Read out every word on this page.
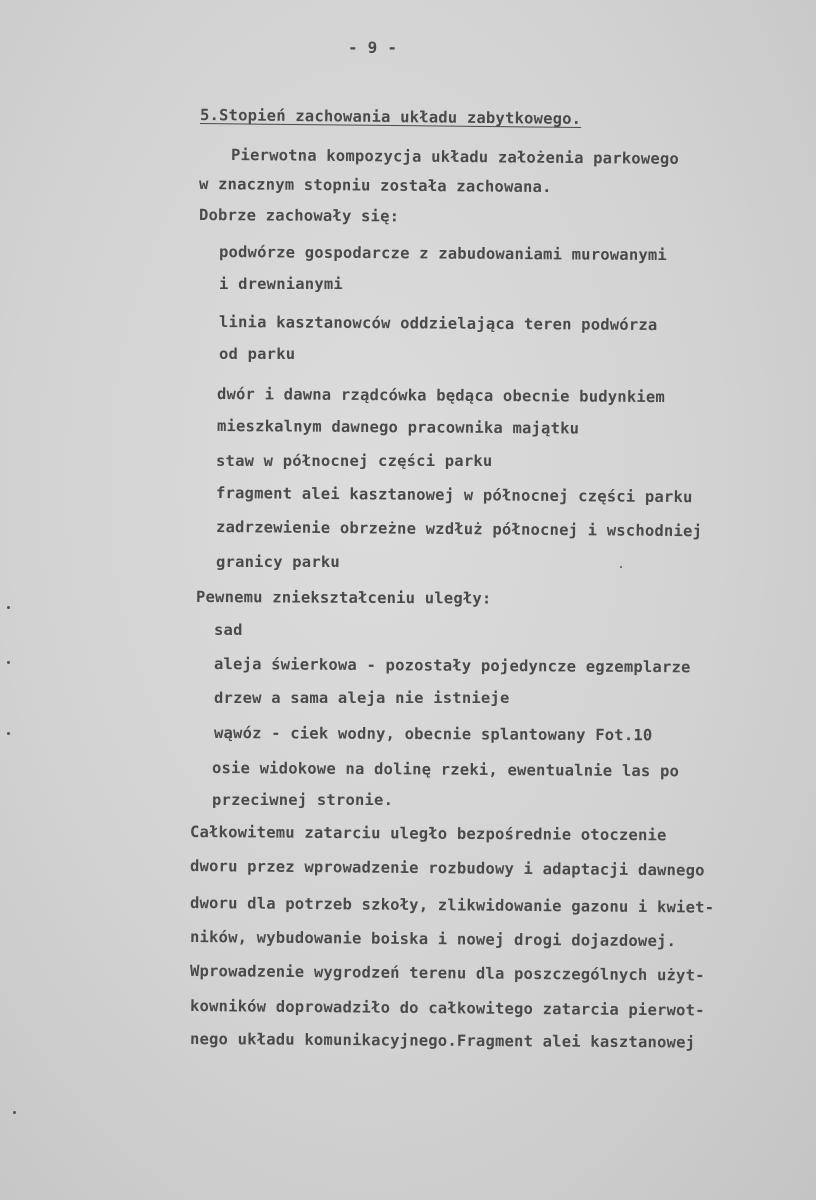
- 9 -

5.Stopień zachowania układu zabytkowego.

Pierwotna kompozycja układu założenia parkowego

w znacznym stopniu została zachowana.

Dobrze zachowały się:

podwórze gospodarcze z zabudowaniami murowanymi

i drewnianymi

linia kasztanowców oddzielająca teren podwórza

od parku

dwór i dawna rządcówka będąca obecnie budynkiem

mieszkalnym dawnego pracownika majątku

staw w północnej części parku

fragment alei kasztanowej w północnej części parku

zadrzewienie obrzeżne wzdłuż północnej i wschodniej

granicy parku

Pewnemu zniekształceniu uległy:

sad

aleja świerkowa - pozostały pojedyncze egzemplarze

drzew a sama aleja nie istnieje

wąwóz - ciek wodny, obecnie splantowany Fot.10

osie widokowe na dolinę rzeki, ewentualnie las po

przeciwnej stronie.

Całkowitemu zatarciu uległo bezpośrednie otoczenie

dworu przez wprowadzenie rozbudowy i adaptacji dawnego

dworu dla potrzeb szkoły, zlikwidowanie gazonu i kwiet-

ników, wybudowanie boiska i nowej drogi dojazdowej.

Wprowadzenie wygrodzeń terenu dla poszczególnych użyt-

kowników doprowadziło do całkowitego zatarcia pierwot-

nego układu komunikacyjnego.Fragment alei kasztanowej
